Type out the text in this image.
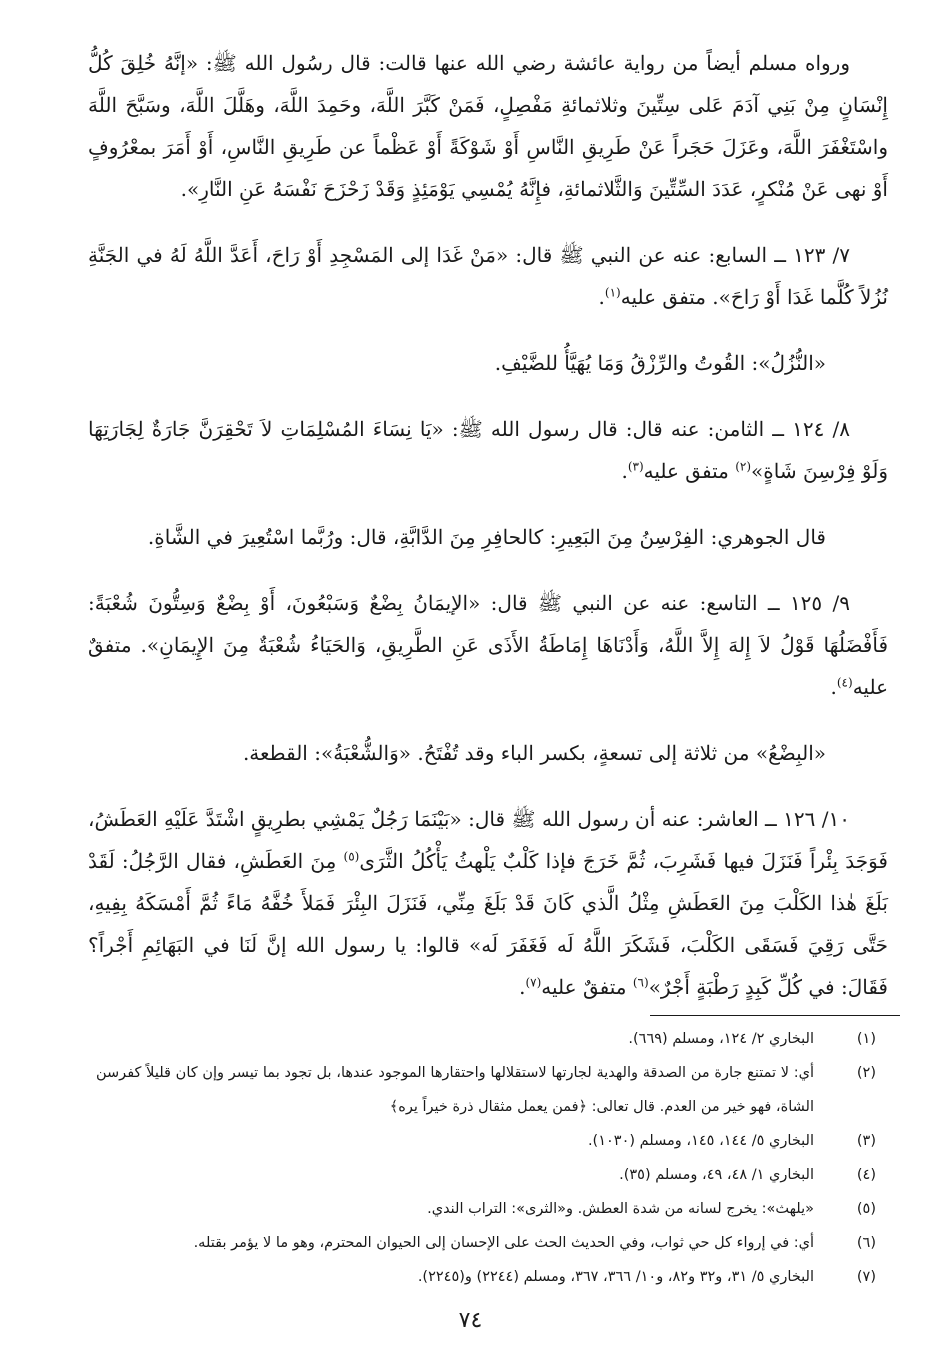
ورواه مسلم أيضاً من رواية عائشة رضي الله عنها قالت: قال رسُول الله ﷺ: «إنَّهُ خُلِقَ كُلُّ إِنْسَانٍ مِنْ بَنِي آدَمَ عَلى سِتِّينَ وثلاثمائةِ مَفْصِلٍ، فَمَنْ كَبَّرَ اللَّهَ، وحَمِدَ اللَّهَ، وهَلَّلَ اللَّهَ، وسَبَّحَ اللَّهَ واسْتَغْفَرَ اللَّهَ، وعَزَلَ حَجَراً عَنْ طَرِيقِ النَّاسِ أَوْ شَوْكَةً أَوْ عَظْماً عن طَرِيقِ النَّاسِ، أَوْ أَمَرَ بمعْرُوفٍ أَوْ نهى عَنْ مُنْكرٍ، عَدَدَ السِّتِّينَ وَالثَّلاثمائةِ، فإِنَّهُ يُمْسِي يَوْمَئِذٍ وَقَدْ زَحْزَحَ نَفْسَهُ عَنِ النَّارِ».

٧/ ١٢٣ ــ السابع: عنه عن النبي ﷺ قال: «مَنْ غَدَا إلى المَسْجِدِ أَوْ رَاحَ، أَعَدَّ اللَّهُ لَهُ في الجَنَّةِ نُزُلاً كُلَّما غَدَا أَوْ رَاحَ». متفق عليه$^{(١)}$.

«النُّزُلُ»: القُوتُ والرِّزْقُ وَمَا يُهَيَّأُ للضَّيْفِ.

٨/ ١٢٤ ــ الثامن: عنه قال: قال رسول الله ﷺ: «يَا نِسَاءَ المُسْلِمَاتِ لاَ تَحْقِرَنَّ جَارَةٌ لِجَارَتِهَا وَلَوْ فِرْسِنَ شَاةٍ»$^{(٢)}$ متفق عليه$^{(٣)}$.

قال الجوهري: الفِرْسِنُ مِنَ البَعِيرِ: كالحافِرِ مِنَ الدَّابَّةِ، قال: ورُبَّما اسْتُعِيرَ في الشَّاةِ.

٩/ ١٢٥ ــ التاسع: عنه عن النبي ﷺ قال: «الإيمَانُ بِضْعٌ وَسَبْعُونَ، أَوْ بِضْعٌ وَسِتُّونَ شُعْبَةً: فَأَفْضَلُهَا قَوْلُ لاَ إِلهَ إِلاَّ اللَّهُ، وَأَدْنَاهَا إِمَاطَةُ الأَذَى عَنِ الطَّرِيقِ، وَالحَيَاءُ شُعْبَةٌ مِنَ الإِيمَانِ». متفقٌ عليه$^{(٤)}$.

«البِضْعُ» من ثلاثة إلى تسعةٍ، بكسر الباء وقد تُفْتَحُ. «وَالشُّعْبَةُ»: القطعة.

١٠/ ١٢٦ ــ العاشر: عنه أن رسول الله ﷺ قال: «بَيْنَمَا رَجُلٌ يَمْشِي بطرِيقٍ اشْتَدَّ عَلَيْهِ العَطَشُ، فَوَجَدَ بِئْراً فَنَزَلَ فيها فَشَرِبَ، ثُمَّ خَرَجَ فإذا كَلْبٌ يَلْهثُ يَأْكُلُ الثَّرَى$^{(٥)}$ مِنَ العَطَشِ، فقال الرَّجُلُ: لَقَدْ بَلَغَ هٰذا الكَلْبَ مِنَ العَطَشِ مِثْلُ الَّذي كَانَ قَدْ بَلَغَ مِنِّي، فَنَزَلَ البِئْرَ فَمَلأَ خُفَّهُ مَاءً ثُمَّ أَمْسَكَهُ بِفِيهِ، حَتَّى رَقِيَ فَسَقَى الكَلْبَ، فَشَكَرَ اللَّهُ لَه فَغَفَرَ لَه» قالوا: يا رسول الله إنَّ لَنَا في البَهَائِمِ أَجْراً؟ فَقَالَ: في كُلِّ كَبِدٍ رَطْبَةٍ أَجْرٌ»$^{(٦)}$ متفقٌ عليه$^{(٧)}$.

(١)
البخاري ٢/ ١٢٤، ومسلم (٦٦٩).
(٢)
أي: لا تمتنع جارة من الصدقة والهدية لجارتها لاستقلالها واحتقارها الموجود عندها، بل تجود بما تيسر وإن كان قليلاً كفرسن الشاة، فهو خير من العدم. قال تعالى: ﴿فمن يعمل مثقال ذرة خيراً يره﴾
(٣)
البخاري ٥/ ١٤٤، ١٤٥، ومسلم (١٠٣٠).
(٤)
البخاري ١/ ٤٨، ٤٩، ومسلم (٣٥).
(٥)
«يلهث»: يخرج لسانه من شدة العطش. و«الثرى»: التراب الندي.
(٦)
أي: في إرواء كل حي ثواب، وفي الحديث الحث على الإحسان إلى الحيوان المحترم، وهو ما لا يؤمر بقتله.
(٧)
البخاري ٥/ ٣١، و٣٢ و٨٢، و١٠/ ٣٦٦، ٣٦٧، ومسلم (٢٢٤٤) و(٢٢٤٥).
٧٤
